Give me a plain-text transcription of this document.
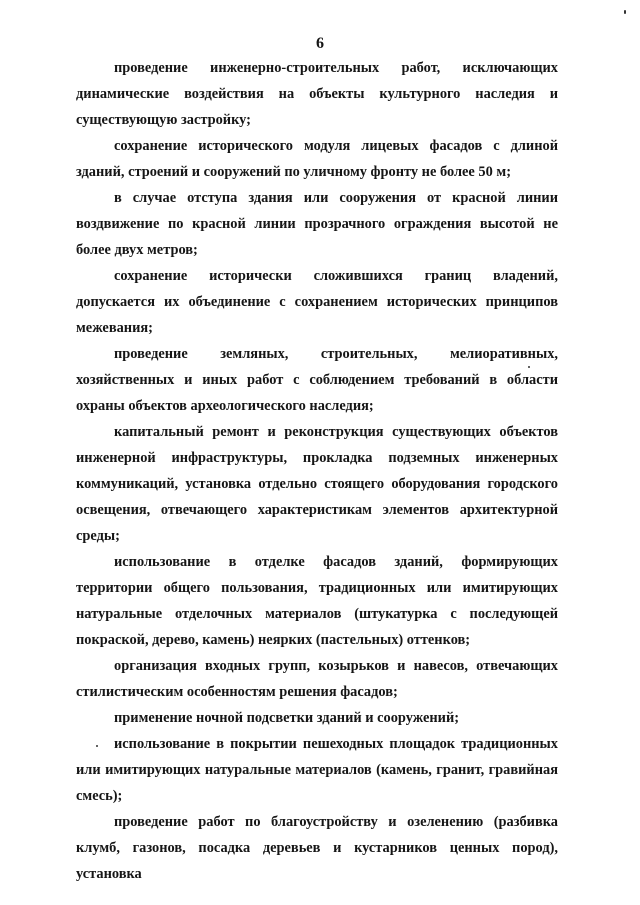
6

проведение инженерно-строительных работ, исключающих динамические воздействия на объекты культурного наследия и существующую застройку;

сохранение исторического модуля лицевых фасадов с длиной зданий, строений и сооружений по уличному фронту не более 50 м;

в случае отступа здания или сооружения от красной линии воздвижение по красной линии прозрачного ограждения высотой не более двух метров;

сохранение исторически сложившихся границ владений, допускается их объединение с сохранением исторических принципов межевания;

проведение земляных, строительных, мелиоративных, хозяйственных и иных работ с соблюдением требований в области охраны объектов археологического наследия;

капитальный ремонт и реконструкция существующих объектов инженерной инфраструктуры, прокладка подземных инженерных коммуникаций, установка отдельно стоящего оборудования городского освещения, отвечающего характеристикам элементов архитектурной среды;

использование в отделке фасадов зданий, формирующих территории общего пользования, традиционных или имитирующих натуральные отделочных материалов (штукатурка с последующей покраской, дерево, камень) неярких (пастельных) оттенков;

организация входных групп, козырьков и навесов, отвечающих стилистическим особенностям решения фасадов;

применение ночной подсветки зданий и сооружений;

использование в покрытии пешеходных площадок традиционных или имитирующих натуральные материалов (камень, гранит, гравийная смесь);

проведение работ по благоустройству и озеленению (разбивка клумб, газонов, посадка деревьев и кустарников ценных пород), установка
